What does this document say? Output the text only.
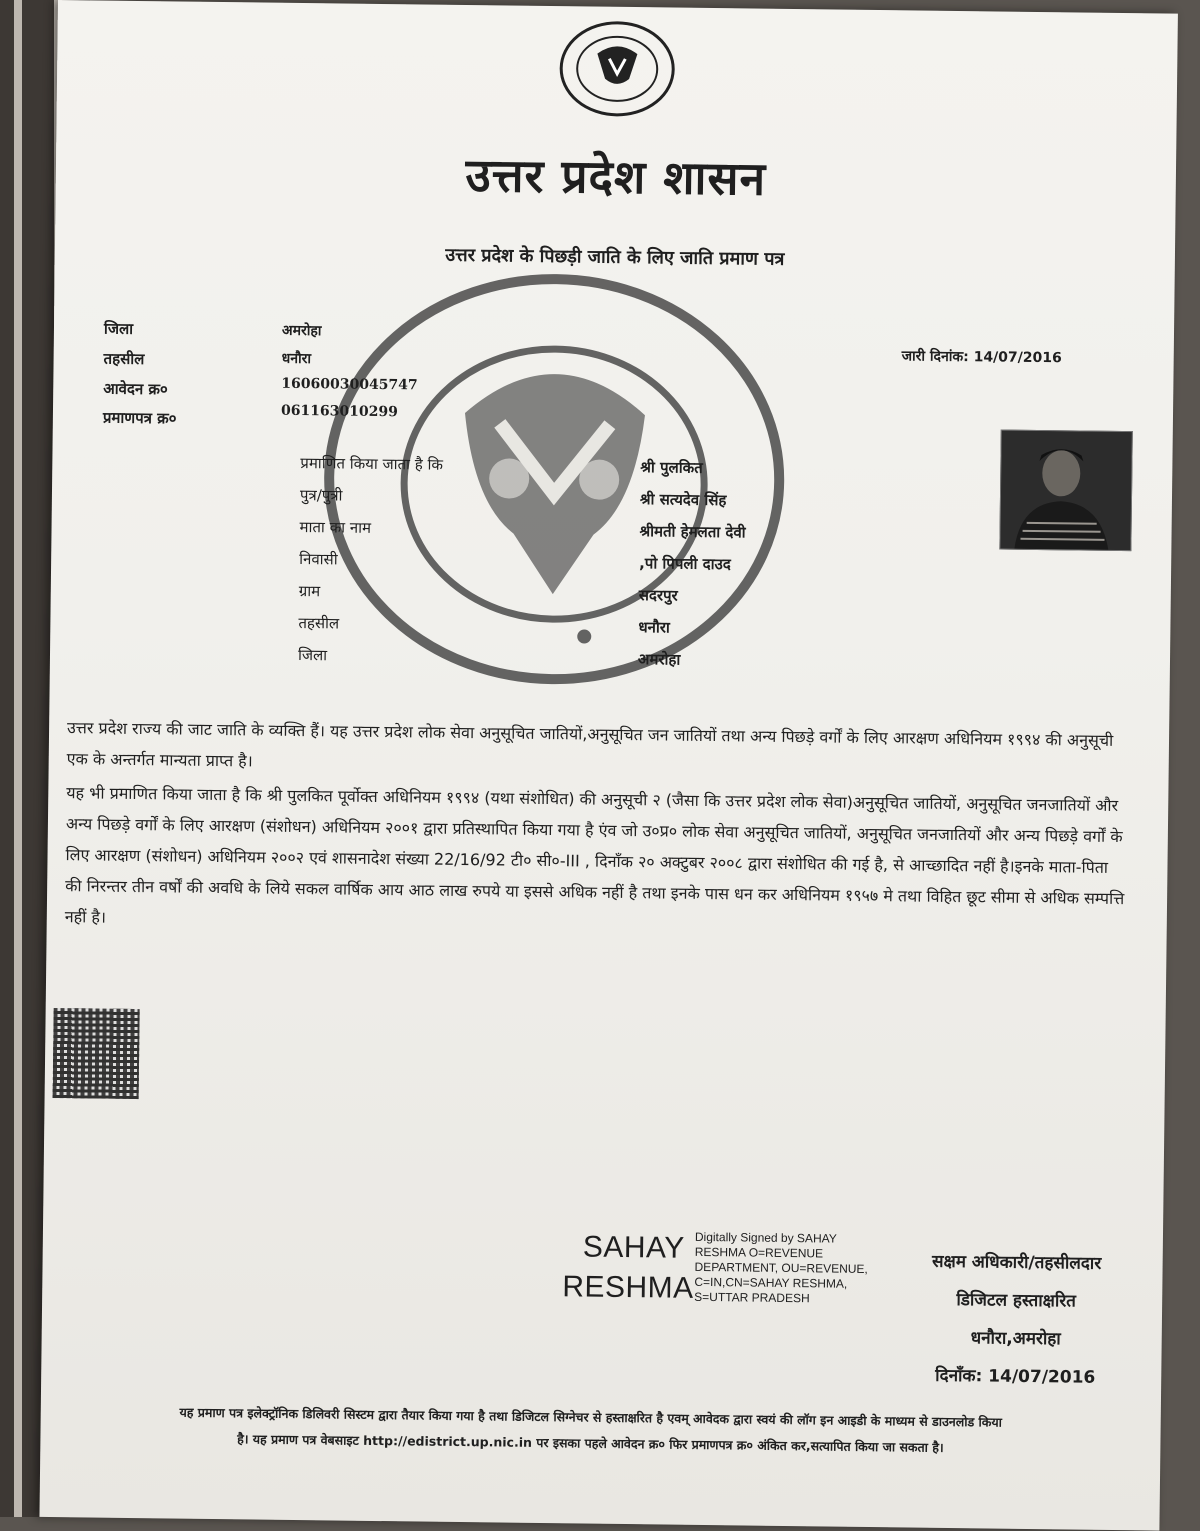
उत्तर प्रदेश शासन
उत्तर प्रदेश के पिछड़ी जाति के लिए जाति प्रमाण पत्र
जिला	अमरोहा
तहसील	धनौरा
आवेदन क्र०	16060030045747
प्रमाणपत्र क्र०	061163010299
जारी दिनांक: 14/07/2016
प्रमाणित किया जाता है कि	श्री पुलकित
पुत्र/पुत्री	श्री सत्यदेव सिंह
माता का नाम	श्रीमती हेमलता देवी
निवासी	,पो पिपली दाउद
ग्राम	सदरपुर
तहसील	धनौरा
जिला	अमरोहा
उत्तर प्रदेश राज्य की जाट जाति के व्यक्ति हैं। यह उत्तर प्रदेश लोक सेवा अनुसूचित जातियों,अनुसूचित जन जातियों तथा अन्य पिछड़े वर्गों के लिए आरक्षण अधिनियम १९९४ की अनुसूची एक के अन्तर्गत मान्यता प्राप्त है।
यह भी प्रमाणित किया जाता है कि श्री पुलकित पूर्वोक्त अधिनियम १९९४ (यथा संशोधित) की अनुसूची २ (जैसा कि उत्तर प्रदेश लोक सेवा)अनुसूचित जातियों, अनुसूचित जनजातियों और अन्य पिछड़े वर्गों के लिए आरक्षण (संशोधन) अधिनियम २००१ द्वारा प्रतिस्थापित किया गया है एंव जो उ०प्र० लोक सेवा अनुसूचित जातियों, अनुसूचित जनजातियों और अन्य पिछड़े वर्गों के लिए आरक्षण (संशोधन) अधिनियम २००२ एवं शासनादेश संख्या 22/16/92 टी० सी०-III , दिनाँक २० अक्टुबर २००८ द्वारा संशोधित की गई है, से आच्छादित नहीं है।इनके माता-पिता की निरन्तर तीन वर्षों की अवधि के लिये सकल वार्षिक आय आठ लाख रुपये या इससे अधिक नहीं है तथा इनके पास धन कर अधिनियम १९५७ मे तथा विहित छूट सीमा से अधिक सम्पत्ति नहीं है।
SAHAY
RESHMA
Digitally Signed by SAHAY RESHMA O=REVENUE DEPARTMENT, OU=REVENUE, C=IN,CN=SAHAY RESHMA, S=UTTAR PRADESH
सक्षम अधिकारी/तहसीलदार
डिजिटल हस्ताक्षरित
धनौरा,अमरोहा
दिनाँक: 14/07/2016
यह प्रमाण पत्र इलेक्ट्रॉनिक डिलिवरी सिस्टम द्वारा तैयार किया गया है तथा डिजिटल सिग्नेचर से हस्ताक्षरित है एवम् आवेदक द्वारा स्वयं की लॉग इन आइडी के माध्यम से डाउनलोड किया
है। यह प्रमाण पत्र वेबसाइट http://edistrict.up.nic.in पर इसका पहले आवेदन क्र० फिर प्रमाणपत्र क्र० अंकित कर,सत्यापित किया जा सकता है।
